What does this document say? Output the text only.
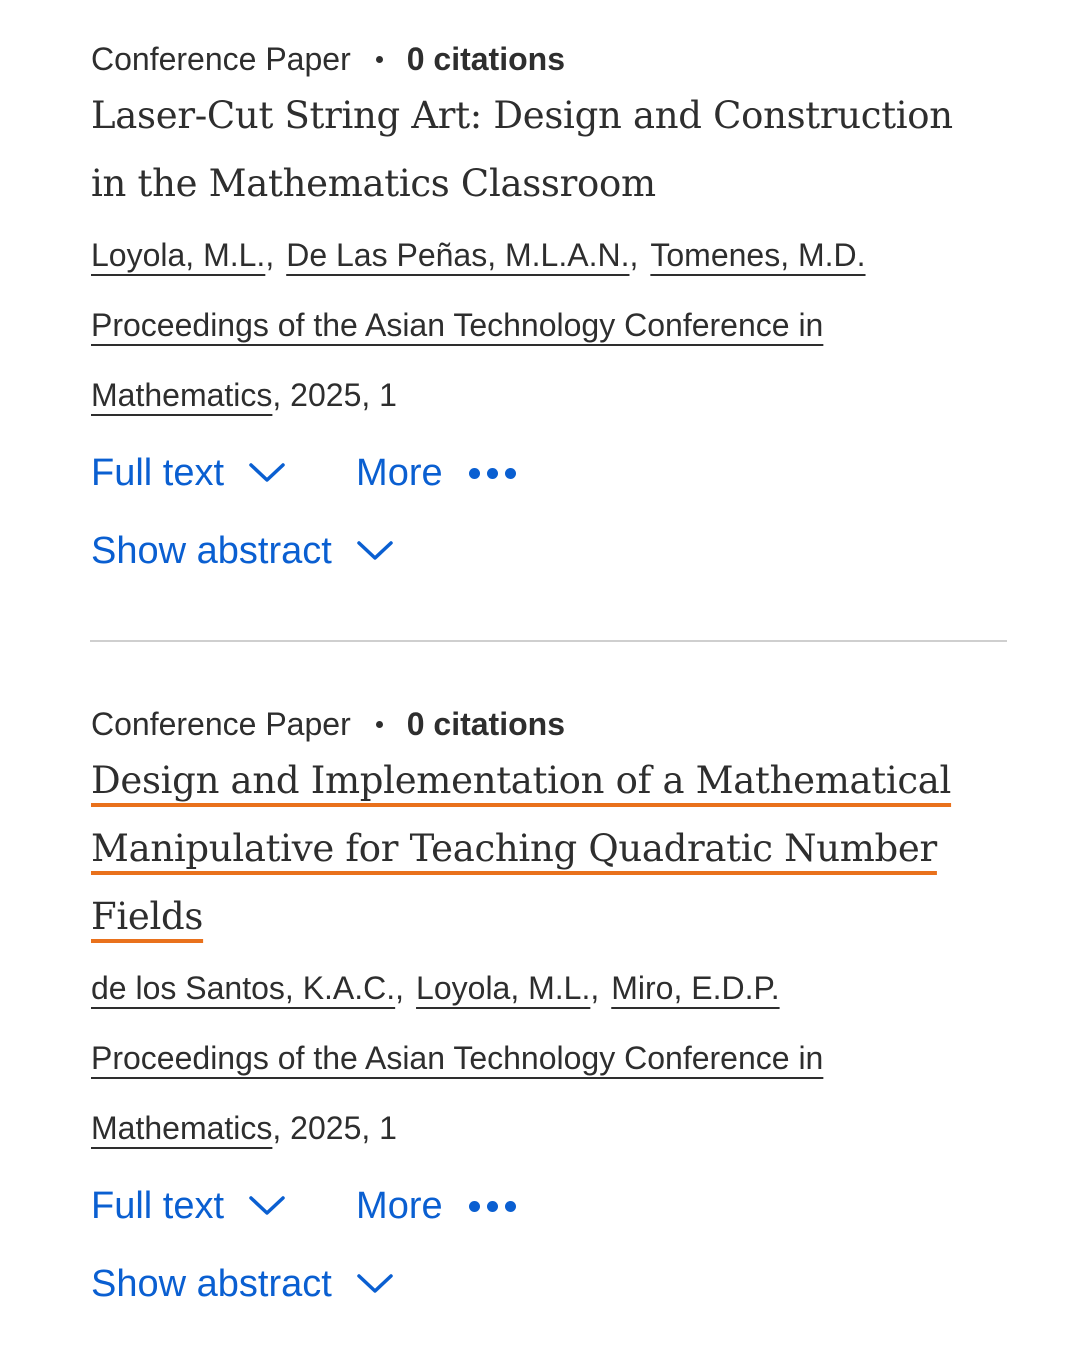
Conference Paper 0 citations
Laser-Cut String Art: Design and Construction in the Mathematics Classroom
Loyola, M.L., De Las Peñas, M.L.A.N., Tomenes, M.D.
Proceedings of the Asian Technology Conference in Mathematics, 2025, 1
Full text	More
Show abstract
Conference Paper 0 citations
Design and Implementation of a Mathematical Manipulative for Teaching Quadratic Number Fields
de los Santos, K.A.C., Loyola, M.L., Miro, E.D.P.
Proceedings of the Asian Technology Conference in Mathematics, 2025, 1
Full text	More
Show abstract
